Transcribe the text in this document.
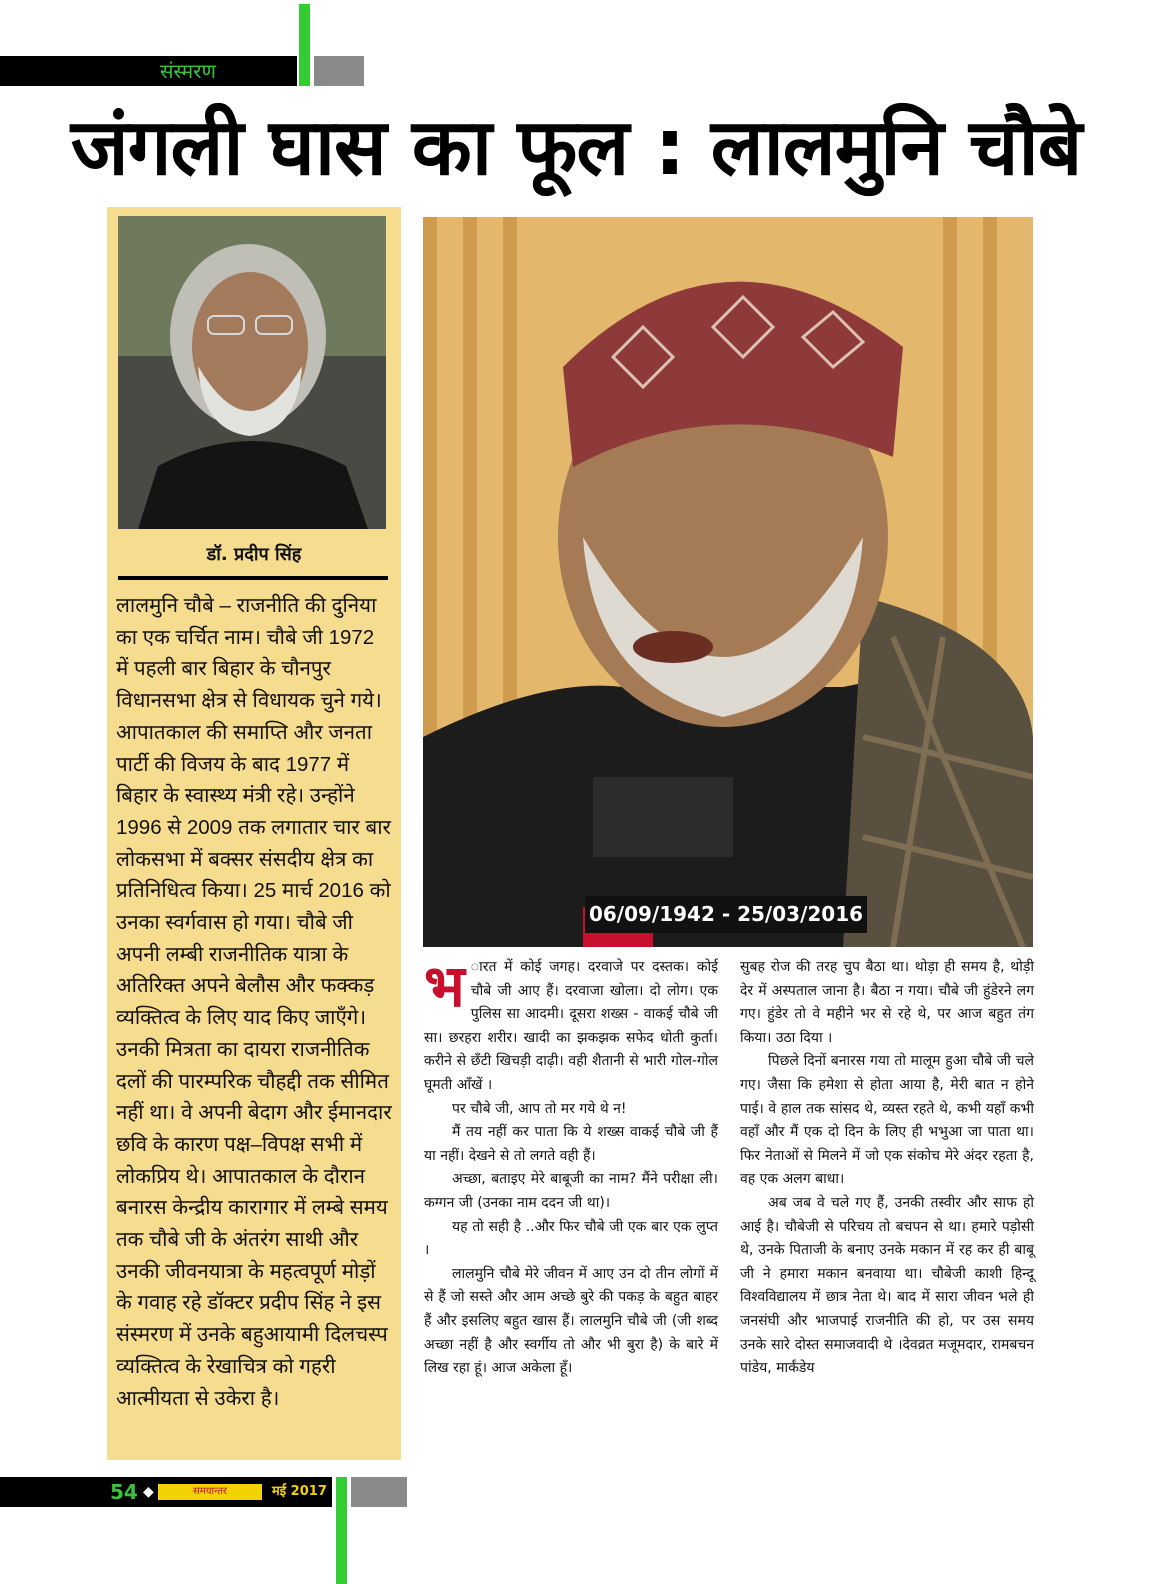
संस्मरण
जंगली घास का फूल : लालमुनि चौबे
डॉ. प्रदीप सिंह
लालमुनि चौबे – राजनीति की दुनिया का एक चर्चित नाम। चौबे जी 1972 में पहली बार बिहार के चौनपुर विधानसभा क्षेत्र से विधायक चुने गये। आपातकाल की समाप्ति और जनता पार्टी की विजय के बाद 1977 में बिहार के स्वास्थ्य मंत्री रहे। उन्होंने 1996 से 2009 तक लगातार चार बार लोकसभा में बक्सर संसदीय क्षेत्र का प्रतिनिधित्व किया। 25 मार्च 2016 को उनका स्वर्गवास हो गया। चौबे जी अपनी लम्बी राजनीतिक यात्रा के अतिरिक्त अपने बेलौस और फक्कड़ व्यक्तित्व के लिए याद किए जाएँगे। उनकी मित्रता का दायरा राजनीतिक दलों की पारम्परिक चौहद्दी तक सीमित नहीं था। वे अपनी बेदाग और ईमानदार छवि के कारण पक्ष–विपक्ष सभी में लोकप्रिय थे। आपातकाल के दौरान बनारस केन्द्रीय कारागार में लम्बे समय तक चौबे जी के अंतरंग साथी और उनकी जीवनयात्रा के महत्वपूर्ण मोड़ों के गवाह रहे डॉक्टर प्रदीप सिंह ने इस संस्मरण में उनके बहुआयामी दिलचस्प व्यक्तित्व के रेखाचित्र को गहरी आत्मीयता से उकेरा है।
06/09/1942 - 25/03/2016
भ ारत में कोई जगह। दरवाजे पर दस्तक। कोई चौबे जी आए हैं। दरवाजा खोला। दो लोग। एक पुलिस सा आदमी। दूसरा शख्स - वाकई चौबे जी सा। छरहरा शरीर। खादी का झकझक सफेद धोती कुर्ता। करीने से छँटी खिचड़ी दाढ़ी। वही शैतानी से भारी गोल-गोल घूमती आँखें ।

पर चौबे जी, आप तो मर गये थे न!

मैं तय नहीं कर पाता कि ये शख्स वाकई चौबे जी हैं या नहीं। देखने से तो लगते वही हैं।

अच्छा, बताइए मेरे बाबूजी का नाम? मैंने परीक्षा ली। कग्गन जी (उनका नाम ददन जी था)।

यह तो सही है ..और फिर चौबे जी एक बार एक लुप्त ।

लालमुनि चौबे मेरे जीवन में आए उन दो तीन लोगों में से हैं जो सस्ते और आम अच्छे बुरे की पकड़ के बहुत बाहर हैं और इसलिए बहुत खास हैं। लालमुनि चौबे जी (जी शब्द अच्छा नहीं है और स्वर्गीय तो और भी बुरा है) के बारे में लिख रहा हूं। आज अकेला हूँ।

सुबह रोज की तरह चुप बैठा था। थोड़ा ही समय है, थोड़ी देर में अस्पताल जाना है। बैठा न गया। चौबे जी हुंडेरने लग गए। हुंडेर तो वे महीने भर से रहे थे, पर आज बहुत तंग किया। उठा दिया ।

पिछले दिनों बनारस गया तो मालूम हुआ चौबे जी चले गए। जैसा कि हमेशा से होता आया है, मेरी बात न होने पाई। वे हाल तक सांसद थे, व्यस्त रहते थे, कभी यहाँ कभी वहाँ और मैं एक दो दिन के लिए ही भभुआ जा पाता था। फिर नेताओं से मिलने में जो एक संकोच मेरे अंदर रहता है, वह एक अलग बाधा।

अब जब वे चले गए हैं, उनकी तस्वीर और साफ हो आई है। चौबेजी से परिचय तो बचपन से था। हमारे पड़ोसी थे, उनके पिताजी के बनाए उनके मकान में रह कर ही बाबू जी ने हमारा मकान बनवाया था। चौबेजी काशी हिन्दू विश्वविद्यालय में छात्र नेता थे। बाद में सारा जीवन भले ही जनसंघी और भाजपाई राजनीति की हो, पर उस समय उनके सारे दोस्त समाजवादी थे ।देवव्रत मजूमदार, रामबचन पांडेय, मार्कंडेय

54 ◆	समयान्तर	मई 2017
